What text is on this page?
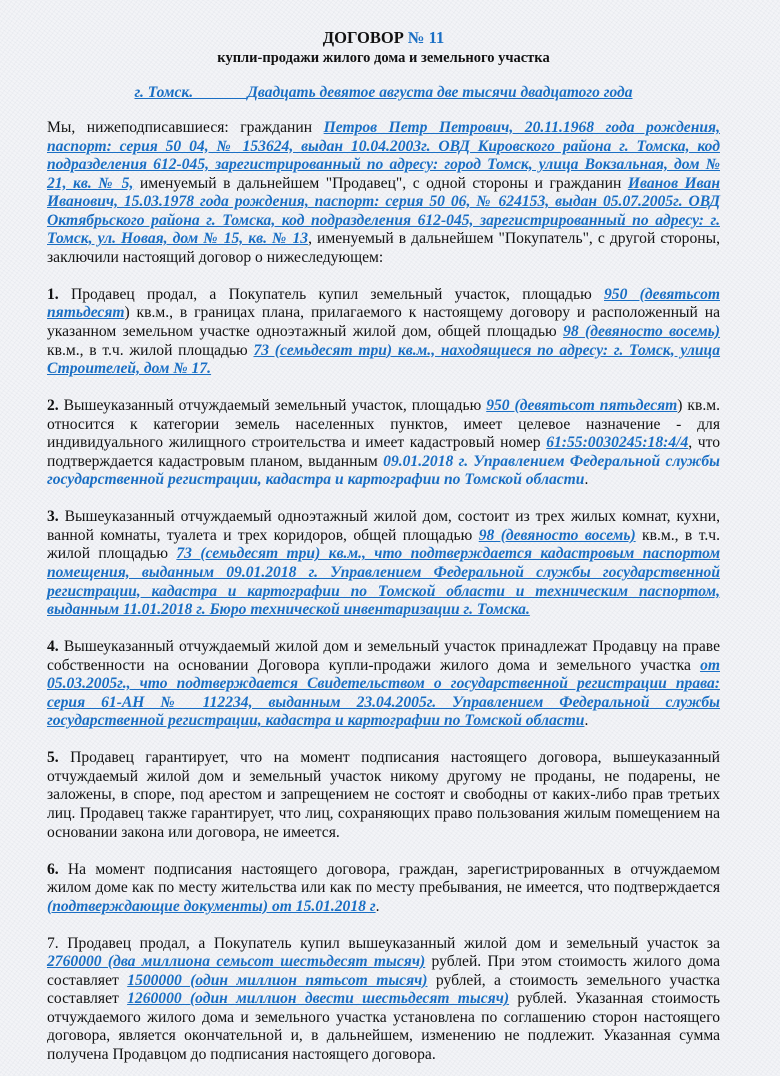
ДОГОВОР № 11
купли-продажи жилого дома и земельного участка
г. Томск.              Двадцать девятое августа две тысячи двадцатого года
Мы, нижеподписавшиеся: гражданин Петров Петр Петрович, 20.11.1968 года рождения, паспорт: серия 50 04, № 153624, выдан 10.04.2003г. ОВД Кировского района г. Томска, код подразделения 612-045, зарегистрированный по адресу: город Томск, улица Вокзальная, дом № 21, кв. № 5, именуемый в дальнейшем "Продавец", с одной стороны и гражданин Иванов Иван Иванович, 15.03.1978 года рождения, паспорт: серия 50 06, № 624153, выдан 05.07.2005г. ОВД Октябрьского района г. Томска, код подразделения 612-045, зарегистрированный по адресу: г. Томск, ул. Новая, дом № 15, кв. № 13, именуемый в дальнейшем "Покупатель", с другой стороны, заключили настоящий договор о нижеследующем:
1. Продавец продал, а Покупатель купил земельный участок, площадью 950 (девятьсот пятьдесят) кв.м., в границах плана, прилагаемого к настоящему договору и расположенный на указанном земельном участке одноэтажный жилой дом, общей площадью 98 (девяносто восемь) кв.м., в т.ч. жилой площадью 73 (семьдесят три) кв.м., находящиеся по адресу: г. Томск, улица Строителей, дом № 17.
2. Вышеуказанный отчуждаемый земельный участок, площадью 950 (девятьсот пятьдесят) кв.м. относится к категории земель населенных пунктов, имеет целевое назначение - для индивидуального жилищного строительства и имеет кадастровый номер 61:55:0030245:18:4/4, что подтверждается кадастровым планом, выданным 09.01.2018 г. Управлением Федеральной службы государственной регистрации, кадастра и картографии по Томской области.
3. Вышеуказанный отчуждаемый одноэтажный жилой дом, состоит из трех жилых комнат, кухни, ванной комнаты, туалета и трех коридоров, общей площадью 98 (девяносто восемь) кв.м., в т.ч. жилой площадью 73 (семьдесят три) кв.м., что подтверждается кадастровым паспортом помещения, выданным 09.01.2018 г. Управлением Федеральной службы государственной регистрации, кадастра и картографии по Томской области и техническим паспортом, выданным 11.01.2018 г. Бюро технической инвентаризации г. Томска.
4. Вышеуказанный отчуждаемый жилой дом и земельный участок принадлежат Продавцу на праве собственности на основании Договора купли-продажи жилого дома и земельного участка от 05.03.2005г., что подтверждается Свидетельством о государственной регистрации права: серия 61-АН № 112234, выданным 23.04.2005г. Управлением Федеральной службы государственной регистрации, кадастра и картографии по Томской области.
5. Продавец гарантирует, что на момент подписания настоящего договора, вышеуказанный отчуждаемый жилой дом и земельный участок никому другому не проданы, не подарены, не заложены, в споре, под арестом и запрещением не состоят и свободны от каких-либо прав третьих лиц. Продавец также гарантирует, что лиц, сохраняющих право пользования жилым помещением на основании закона или договора, не имеется.
6. На момент подписания настоящего договора, граждан, зарегистрированных в отчуждаемом жилом доме как по месту жительства или как по месту пребывания, не имеется, что подтверждается (подтверждающие документы) от 15.01.2018 г.
7. Продавец продал, а Покупатель купил вышеуказанный жилой дом и земельный участок за 2760000 (два миллиона семьсот шестьдесят тысяч) рублей. При этом стоимость жилого дома составляет 1500000 (один миллион пятьсот тысяч) рублей, а стоимость земельного участка составляет 1260000 (один миллион двести шестьдесят тысяч) рублей. Указанная стоимость отчуждаемого жилого дома и земельного участка установлена по соглашению сторон настоящего договора, является окончательной и, в дальнейшем, изменению не подлежит. Указанная сумма получена Продавцом до подписания настоящего договора.
